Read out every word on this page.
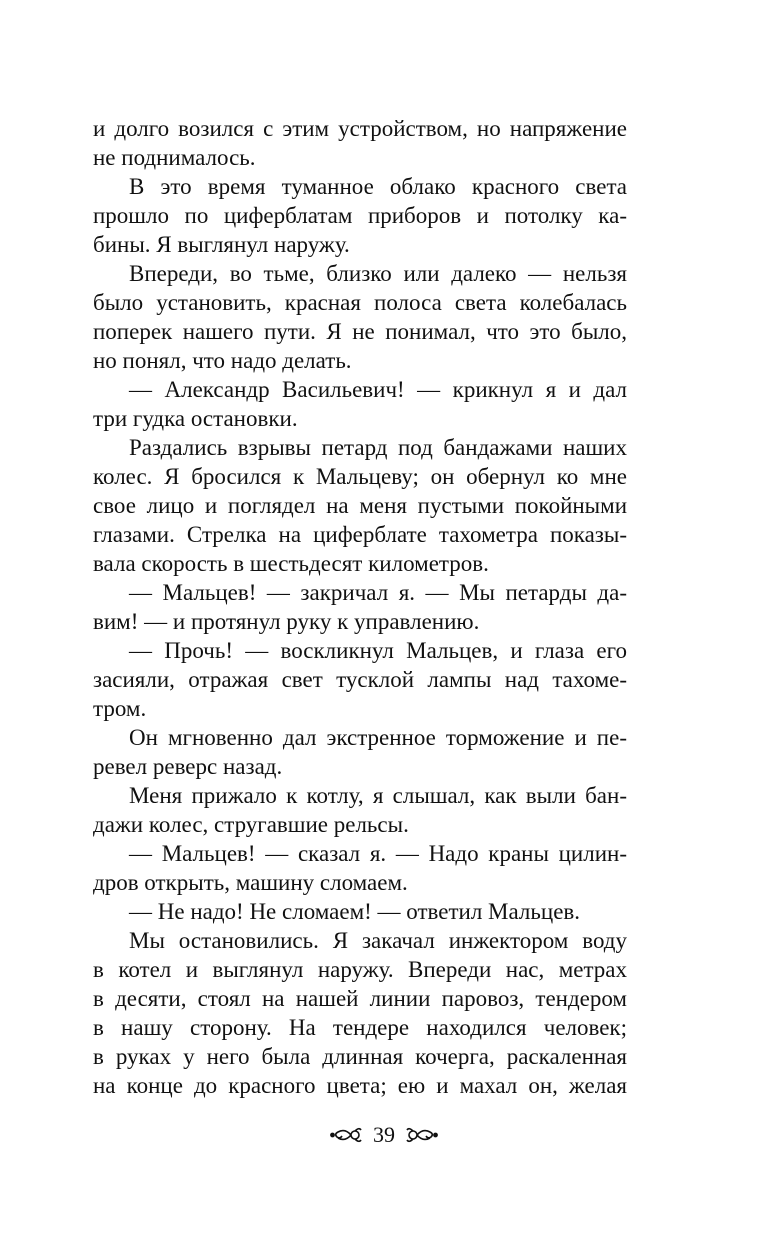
и долго возился с этим устройством, но напряжение
не поднималось.
В это время туманное облако красного света
прошло по циферблатам приборов и потолку ка-
бины. Я выглянул наружу.
Впереди, во тьме, близко или далеко — нельзя
было установить, красная полоса света колебалась
поперек нашего пути. Я не понимал, что это было,
но понял, что надо делать.
— Александр Васильевич! — крикнул я и дал
три гудка остановки.
Раздались взрывы петард под бандажами наших
колес. Я бросился к Мальцеву; он обернул ко мне
свое лицо и поглядел на меня пустыми покойными
глазами. Стрелка на циферблате тахометра показы-
вала скорость в шестьдесят километров.
— Мальцев! — закричал я. — Мы петарды да-
вим! — и протянул руку к управлению.
— Прочь! — воскликнул Мальцев, и глаза его
засияли, отражая свет тусклой лампы над тахоме-
тром.
Он мгновенно дал экстренное торможение и пе-
ревел реверс назад.
Меня прижало к котлу, я слышал, как выли бан-
дажи колес, стругавшие рельсы.
— Мальцев! — сказал я. — Надо краны цилин-
дров открыть, машину сломаем.
— Не надо! Не сломаем! — ответил Мальцев.
Мы остановились. Я закачал инжектором воду
в котел и выглянул наружу. Впереди нас, метрах
в десяти, стоял на нашей линии паровоз, тендером
в нашу сторону. На тендере находился человек;
в руках у него была длинная кочерга, раскаленная
на конце до красного цвета; ею и махал он, желая
39
